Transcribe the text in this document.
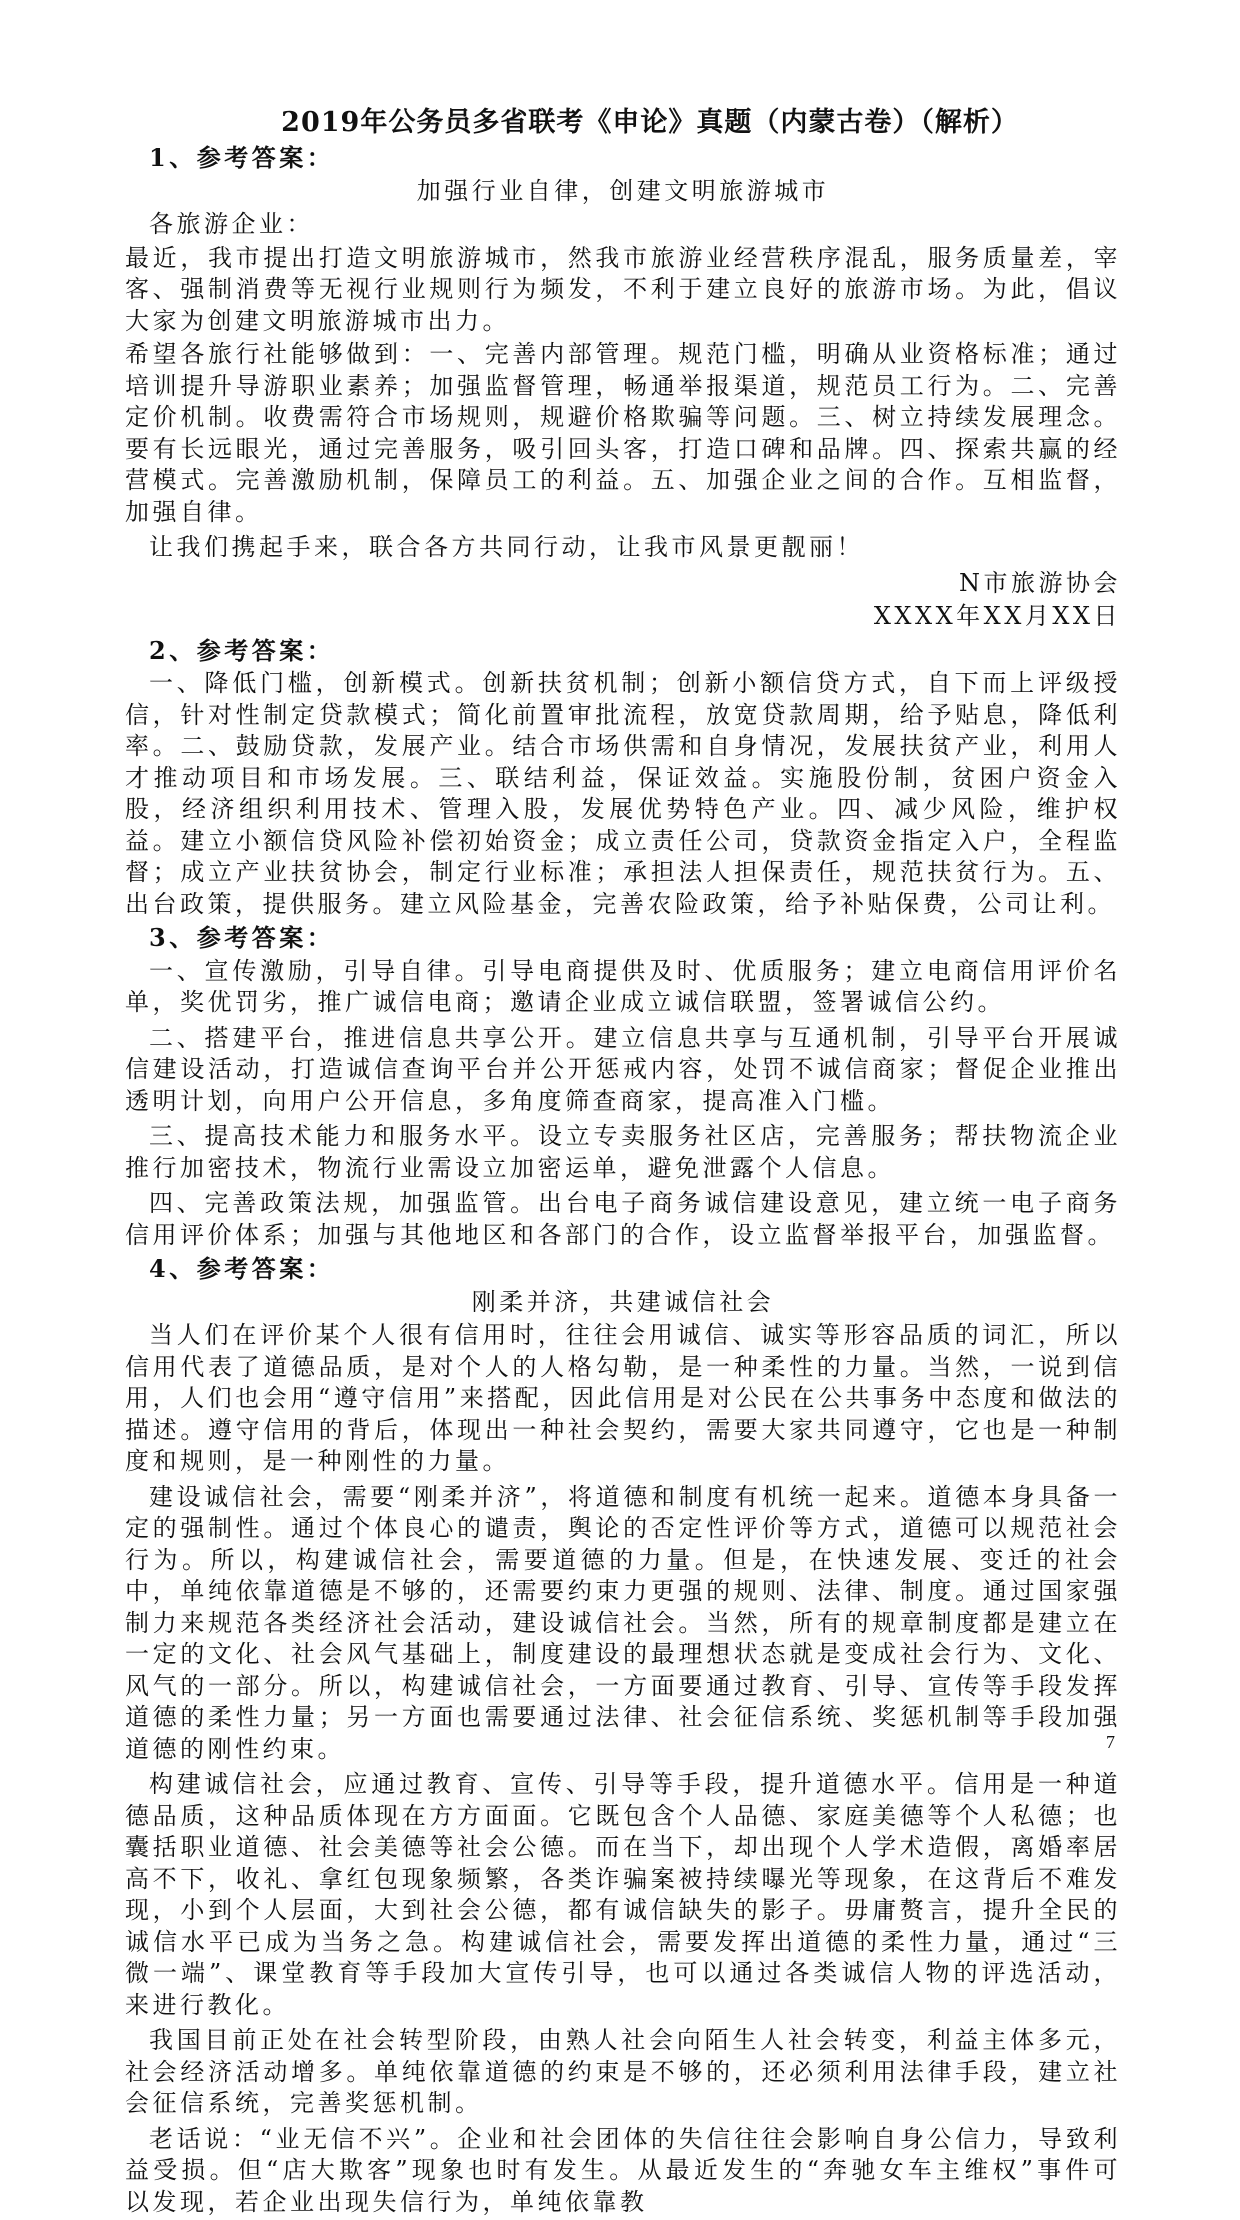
2019年公务员多省联考《申论》真题（内蒙古卷）（解析）

1、参考答案：

加强行业自律，创建文明旅游城市

各旅游企业：

最近，我市提出打造文明旅游城市，然我市旅游业经营秩序混乱，服务质量差，宰客、强制消费等无视行业规则行为频发，不利于建立良好的旅游市场。为此，倡议大家为创建文明旅游城市出力。

希望各旅行社能够做到：一、完善内部管理。规范门槛，明确从业资格标准；通过培训提升导游职业素养；加强监督管理，畅通举报渠道，规范员工行为。二、完善定价机制。收费需符合市场规则，规避价格欺骗等问题。三、树立持续发展理念。要有长远眼光，通过完善服务，吸引回头客，打造口碑和品牌。四、探索共赢的经营模式。完善激励机制，保障员工的利益。五、加强企业之间的合作。互相监督，加强自律。

让我们携起手来，联合各方共同行动，让我市风景更靓丽！

N市旅游协会

XXXX年XX月XX日

2、参考答案：

一、降低门槛，创新模式。创新扶贫机制；创新小额信贷方式，自下而上评级授信，针对性制定贷款模式；简化前置审批流程，放宽贷款周期，给予贴息，降低利率。二、鼓励贷款，发展产业。结合市场供需和自身情况，发展扶贫产业，利用人才推动项目和市场发展。三、联结利益，保证效益。实施股份制，贫困户资金入股，经济组织利用技术、管理入股，发展优势特色产业。四、减少风险，维护权益。建立小额信贷风险补偿初始资金；成立责任公司，贷款资金指定入户，全程监督；成立产业扶贫协会，制定行业标准；承担法人担保责任，规范扶贫行为。五、出台政策，提供服务。建立风险基金，完善农险政策，给予补贴保费，公司让利。

3、参考答案：

一、宣传激励，引导自律。引导电商提供及时、优质服务；建立电商信用评价名单，奖优罚劣，推广诚信电商；邀请企业成立诚信联盟，签署诚信公约。

二、搭建平台，推进信息共享公开。建立信息共享与互通机制，引导平台开展诚信建设活动，打造诚信查询平台并公开惩戒内容，处罚不诚信商家；督促企业推出透明计划，向用户公开信息，多角度筛查商家，提高准入门槛。

三、提高技术能力和服务水平。设立专卖服务社区店，完善服务；帮扶物流企业推行加密技术，物流行业需设立加密运单，避免泄露个人信息。

四、完善政策法规，加强监管。出台电子商务诚信建设意见，建立统一电子商务信用评价体系；加强与其他地区和各部门的合作，设立监督举报平台，加强监督。

4、参考答案：

刚柔并济，共建诚信社会

当人们在评价某个人很有信用时，往往会用诚信、诚实等形容品质的词汇，所以信用代表了道德品质，是对个人的人格勾勒，是一种柔性的力量。当然，一说到信用，人们也会用“遵守信用”来搭配，因此信用是对公民在公共事务中态度和做法的描述。遵守信用的背后，体现出一种社会契约，需要大家共同遵守，它也是一种制度和规则，是一种刚性的力量。

建设诚信社会，需要“刚柔并济”，将道德和制度有机统一起来。道德本身具备一定的强制性。通过个体良心的谴责，舆论的否定性评价等方式，道德可以规范社会行为。所以，构建诚信社会，需要道德的力量。但是，在快速发展、变迁的社会中，单纯依靠道德是不够的，还需要约束力更强的规则、法律、制度。通过国家强制力来规范各类经济社会活动，建设诚信社会。当然，所有的规章制度都是建立在一定的文化、社会风气基础上，制度建设的最理想状态就是变成社会行为、文化、风气的一部分。所以，构建诚信社会，一方面要通过教育、引导、宣传等手段发挥道德的柔性力量；另一方面也需要通过法律、社会征信系统、奖惩机制等手段加强道德的刚性约束。

构建诚信社会，应通过教育、宣传、引导等手段，提升道德水平。信用是一种道德品质，这种品质体现在方方面面。它既包含个人品德、家庭美德等个人私德；也囊括职业道德、社会美德等社会公德。而在当下，却出现个人学术造假，离婚率居高不下，收礼、拿红包现象频繁，各类诈骗案被持续曝光等现象，在这背后不难发现，小到个人层面，大到社会公德，都有诚信缺失的影子。毋庸赘言，提升全民的诚信水平已成为当务之急。构建诚信社会，需要发挥出道德的柔性力量，通过“三微一端”、课堂教育等手段加大宣传引导，也可以通过各类诚信人物的评选活动，来进行教化。

我国目前正处在社会转型阶段，由熟人社会向陌生人社会转变，利益主体多元，社会经济活动增多。单纯依靠道德的约束是不够的，还必须利用法律手段，建立社会征信系统，完善奖惩机制。

老话说：“业无信不兴”。企业和社会团体的失信往往会影响自身公信力，导致利益受损。但“店大欺客”现象也时有发生。从最近发生的“奔驰女车主维权”事件可以发现，若企业出现失信行为，单纯依靠教

7
